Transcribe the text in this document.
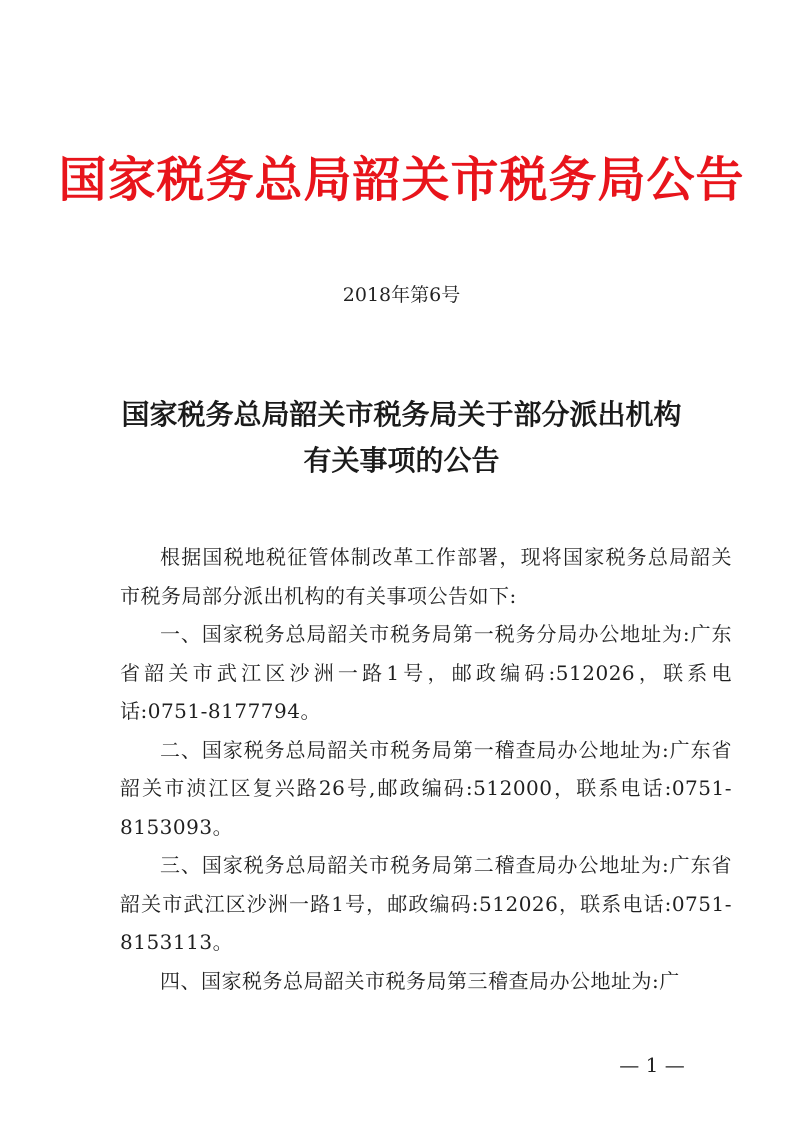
国家税务总局韶关市税务局公告
2018年第6号
国家税务总局韶关市税务局关于部分派出机构
有关事项的公告

根据国税地税征管体制改革工作部署，现将国家税务总局韶关市税务局部分派出机构的有关事项公告如下:

一、国家税务总局韶关市税务局第一税务分局办公地址为:广东省韶关市武江区沙洲一路1号，邮政编码:512026，联系电话:0751-8177794。

二、国家税务总局韶关市税务局第一稽查局办公地址为:广东省韶关市浈江区复兴路26号,邮政编码:512000，联系电话:0751-8153093。

三、国家税务总局韶关市税务局第二稽查局办公地址为:广东省韶关市武江区沙洲一路1号，邮政编码:512026，联系电话:0751-8153113。

四、国家税务总局韶关市税务局第三稽查局办公地址为:广

— 1 —
